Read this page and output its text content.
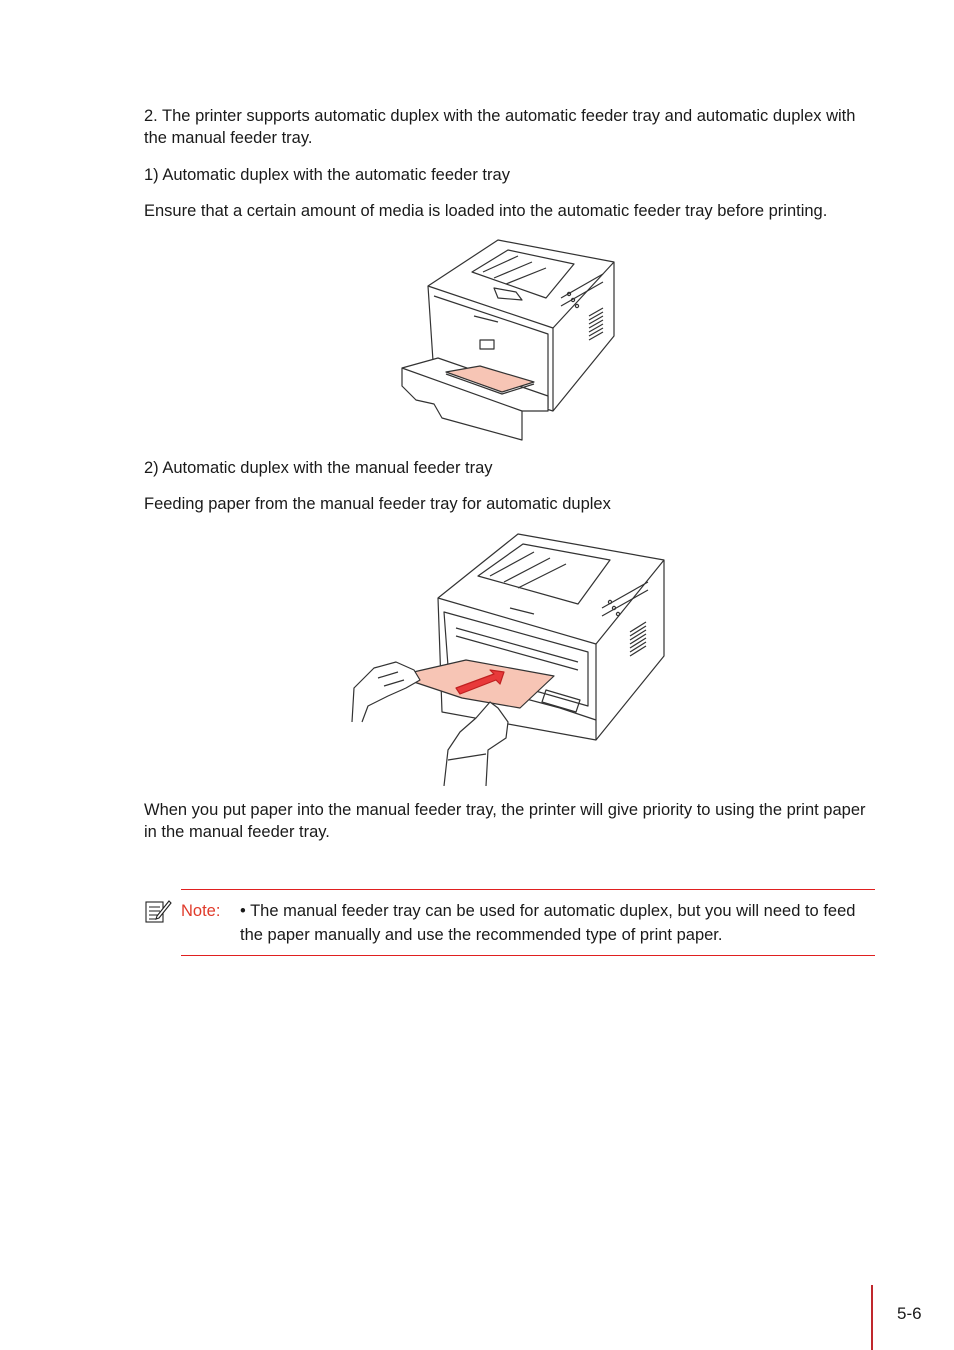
2. The printer supports automatic duplex with the automatic feeder tray and automatic duplex with the manual feeder tray.

1) Automatic duplex with the automatic feeder tray

Ensure that a certain amount of media is loaded into the automatic feeder tray before printing.

2) Automatic duplex with the manual feeder tray

Feeding paper from the manual feeder tray for automatic duplex

When you put paper into the manual feeder tray, the printer will give priority to using the print paper in the manual feeder tray.

Note: • The manual feeder tray can be used for automatic duplex, but you will need to feed the paper manually and use the recommended type of print paper.

5-6
